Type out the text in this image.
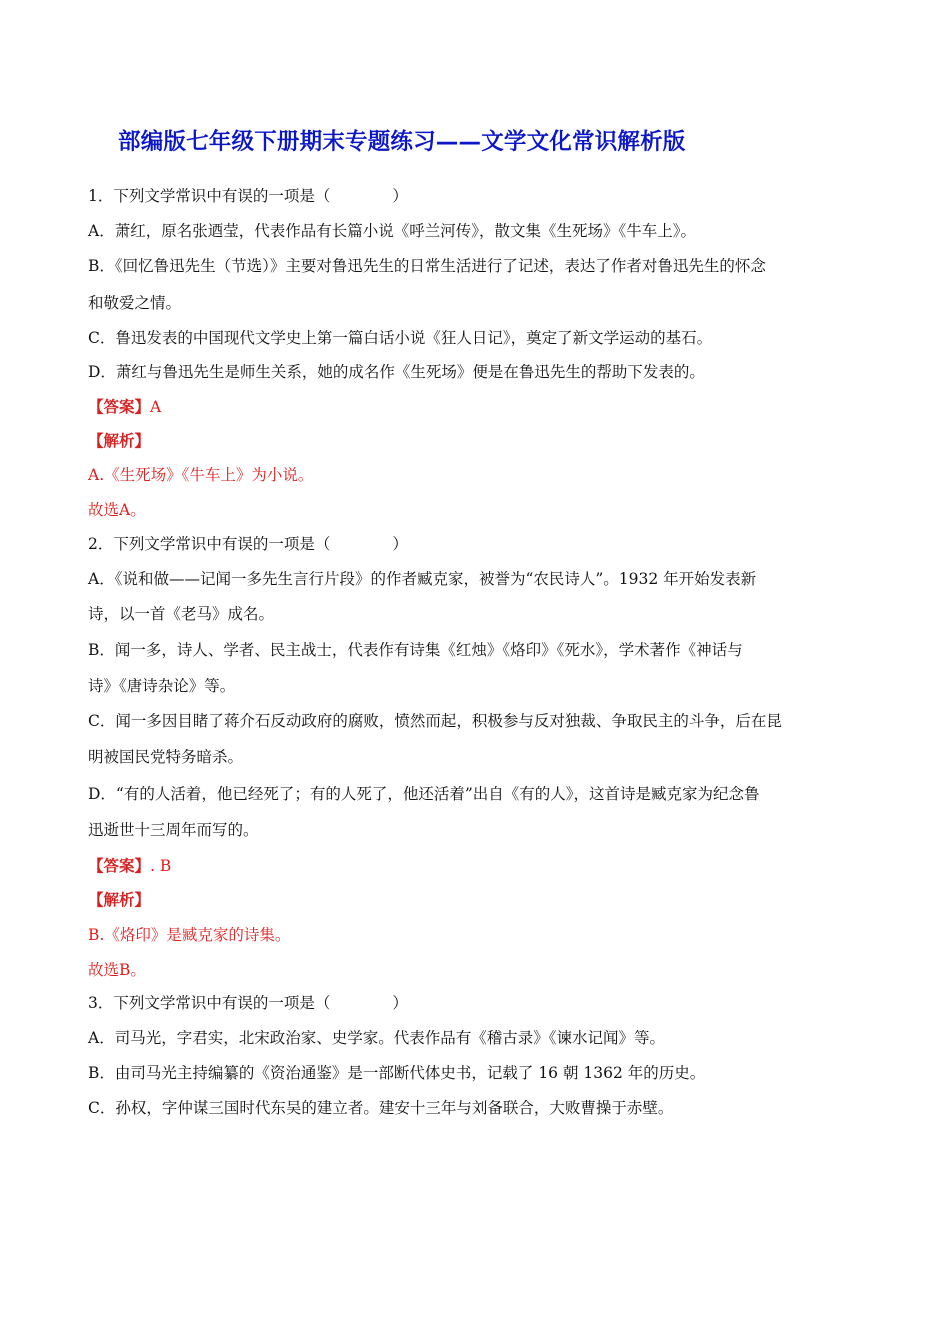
部编版七年级下册期末专题练习——文学文化常识解析版
1．下列文学常识中有误的一项是（	）
A．萧红，原名张迺莹，代表作品有长篇小说《呼兰河传》，散文集《生死场》《牛车上》。
B．《回忆鲁迅先生（节选）》主要对鲁迅先生的日常生活进行了记述，表达了作者对鲁迅先生的怀念
和敬爱之情。
C．鲁迅发表的中国现代文学史上第一篇白话小说《狂人日记》，奠定了新文学运动的基石。
D．萧红与鲁迅先生是师生关系，她的成名作《生死场》便是在鲁迅先生的帮助下发表的。
【答案】A
【解析】
A.《生死场》《牛车上》为小说。
故选A。
2．下列文学常识中有误的一项是（	）
A．《说和做——记闻一多先生言行片段》的作者臧克家，被誉为“农民诗人”。1932 年开始发表新
诗，以一首《老马》成名。
B．闻一多，诗人、学者、民主战士，代表作有诗集《红烛》《烙印》《死水》，学术著作《神话与
诗》《唐诗杂论》等。
C．闻一多因目睹了蒋介石反动政府的腐败，愤然而起，积极参与反对独裁、争取民主的斗争，后在昆
明被国民党特务暗杀。
D．“有的人活着，他已经死了；有的人死了，他还活着”出自《有的人》，这首诗是臧克家为纪念鲁
迅逝世十三周年而写的。
【答案】. B
【解析】
B.《烙印》是臧克家的诗集。
故选B。
3．下列文学常识中有误的一项是（	）
A．司马光，字君实，北宋政治家、史学家。代表作品有《稽古录》《谏水记闻》等。
B．由司马光主持编纂的《资治通鉴》是一部断代体史书，记载了 16 朝 1362 年的历史。
C．孙权，字仲谋三国时代东吴的建立者。建安十三年与刘备联合，大败曹操于赤壁。
